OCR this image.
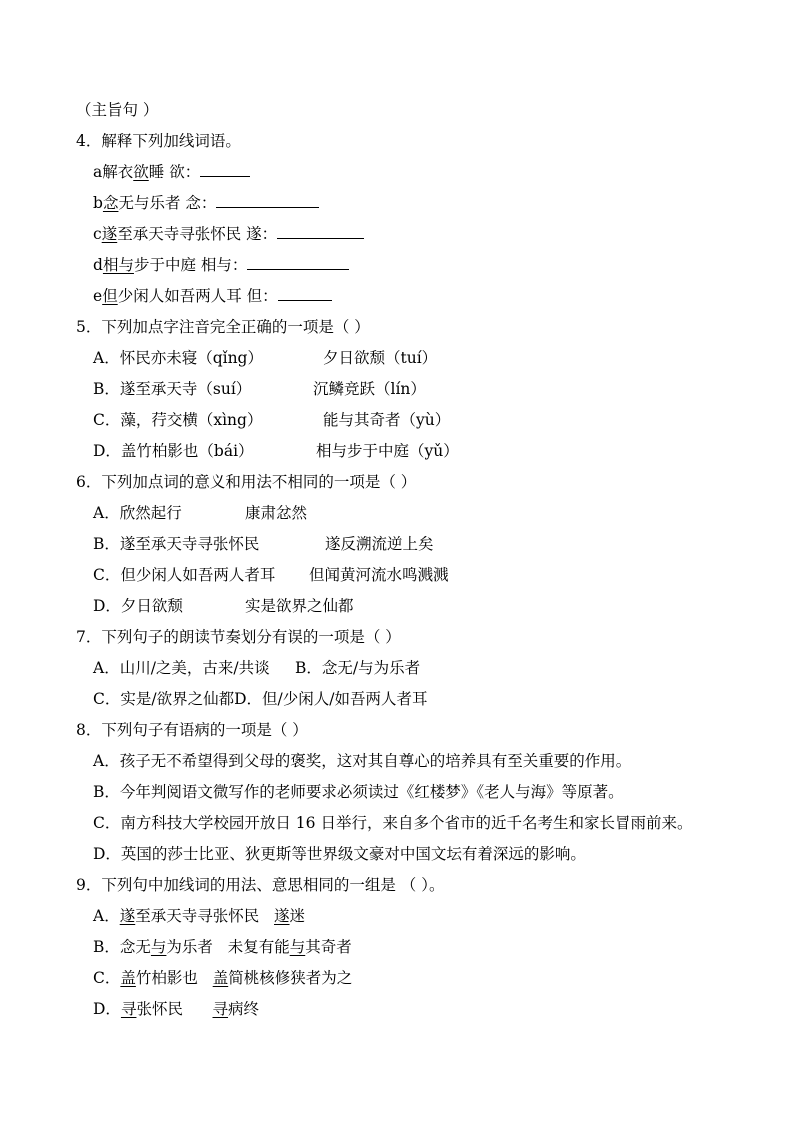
（主旨句 ）
4．解释下列加线词语。
a解衣欲睡 欲：
b念无与乐者 念：
c遂至承天寺寻张怀民 遂：
d相与步于中庭 相与：
e但少闲人如吾两人耳 但：
5．下列加点字注音完全正确的一项是（ ）
A．怀民亦未寝（qǐng）	夕日欲颓（tuí）
B．遂至承天寺（suí）	沉鳞竞跃（lín）
C．藻，荇交横（xìng）	能与其奇者（yù）
D．盖竹柏影也（bái）	相与步于中庭（yǔ）
6．下列加点词的意义和用法不相同的一项是（ ）
A．欣然起行	康肃忿然
B．遂至承天寺寻张怀民	遂反溯流逆上矣
C．但少闲人如吾两人者耳 但闻黄河流水鸣溅溅
D．夕日欲颓	实是欲界之仙都
7．下列句子的朗读节奏划分有误的一项是（ ）
A．山川/之美，古来/共谈 B．念无/与为乐者
C．实是/欲界之仙都D．但/少闲人/如吾两人者耳
8．下列句子有语病的一项是（ ）
A．孩子无不希望得到父母的褒奖，这对其自尊心的培养具有至关重要的作用。
B．今年判阅语文微写作的老师要求必须读过《红楼梦》《老人与海》等原著。
C．南方科技大学校园开放日 16 日举行，来自多个省市的近千名考生和家长冒雨前来。
D．英国的莎士比亚、狄更斯等世界级文豪对中国文坛有着深远的影响。
9．下列句中加线词的用法、意思相同的一组是 （ ）。
A．遂至承天寺寻张怀民   遂迷
B．念无与为乐者   未复有能与其奇者
C．盖竹柏影也   盖简桃核修狭者为之
D．寻张怀民      寻病终
